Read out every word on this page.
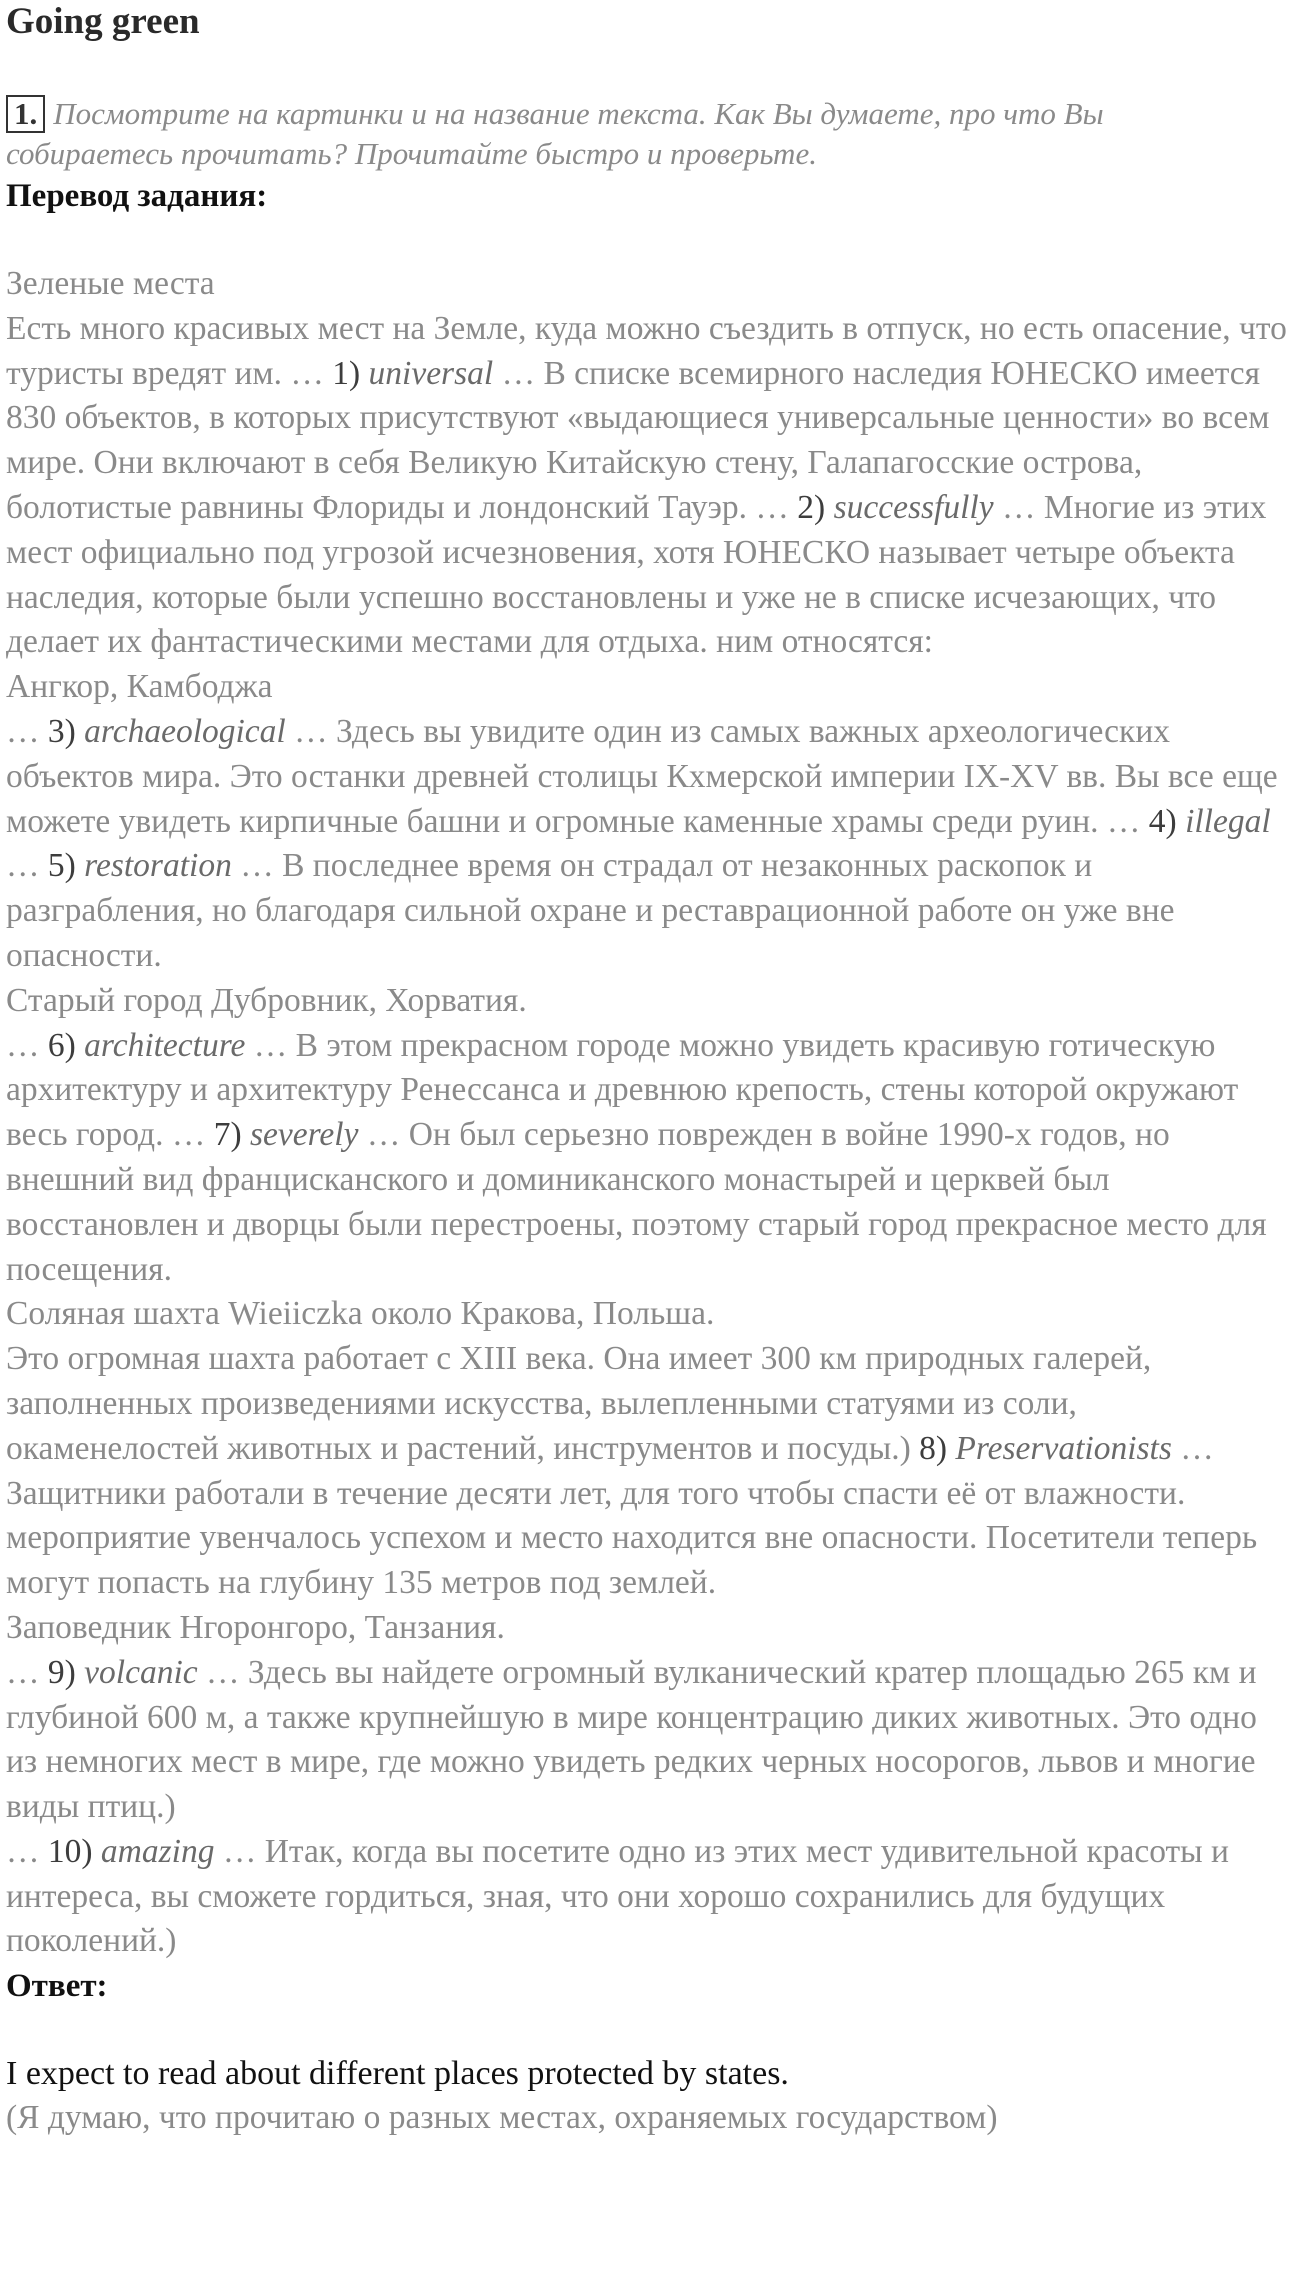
Going green
1. Посмотрите на картинки и на название текста. Как Вы думаете, про что Вы
собираетесь прочитать? Прочитайте быстро и проверьте.
Перевод задания:

Зеленые места

Есть много красивых мест на Земле, куда можно съездить в отпуск, но есть опасение, что туристы вредят им. … 1) universal … В списке всемирного наследия ЮНЕСКО имеется 830 объектов, в которых присутствуют «выдающиеся универсальные ценности» во всем мире. Они включают в себя Великую Китайскую стену, Галапагосские острова, болотистые равнины Флориды и лондонский Тауэр. … 2) successfully … Многие из этих мест официально под угрозой исчезновения, хотя ЮНЕСКО называет четыре объекта наследия, которые были успешно восстановлены и уже не в списке исчезающих, что делает их фантастическими местами для отдыха. ним относятся:

Ангкор, Камбоджа

… 3) archaeological … Здесь вы увидите один из самых важных археологических объектов мира. Это останки древней столицы Кхмерской империи IX-XV вв. Вы все еще можете увидеть кирпичные башни и огромные каменные храмы среди руин. … 4) illegal … 5) restoration … В последнее время он страдал от незаконных раскопок и разграбления, но благодаря сильной охране и реставрационной работе он уже вне опасности.

Старый город Дубровник, Хорватия.

… 6) architecture … В этом прекрасном городе можно увидеть красивую готическую архитектуру и архитектуру Ренессанса и древнюю крепость, стены которой окружают весь город. … 7) severely … Он был серьезно поврежден в войне 1990-х годов, но внешний вид францисканского и доминиканского монастырей и церквей был восстановлен и дворцы были перестроены, поэтому старый город прекрасное место для посещения.

Соляная шахта Wieiiczka около Кракова, Польша.

Это огромная шахта работает с XIII века. Она имеет 300 км природных галерей, заполненных произведениями искусства, вылепленными статуями из соли, окаменелостей животных и растений, инструментов и посуды.) 8) Preservationists … Защитники работали в течение десяти лет, для того чтобы спасти её от влажности. мероприятие увенчалось успехом и место находится вне опасности. Посетители теперь могут попасть на глубину 135 метров под землей.

Заповедник Нгоронгоро, Танзания.

… 9) volcanic … Здесь вы найдете огромный вулканический кратер площадью 265 км и глубиной 600 м, а также крупнейшую в мире концентрацию диких животных. Это одно из немногих мест в мире, где можно увидеть редких черных носорогов, львов и многие виды птиц.)

… 10) amazing … Итак, когда вы посетите одно из этих мест удивительной красоты и интереса, вы сможете гордиться, зная, что они хорошо сохранились для будущих поколений.)

Ответ:
I expect to read about different places protected by states.
(Я думаю, что прочитаю о разных местах, охраняемых государством)
